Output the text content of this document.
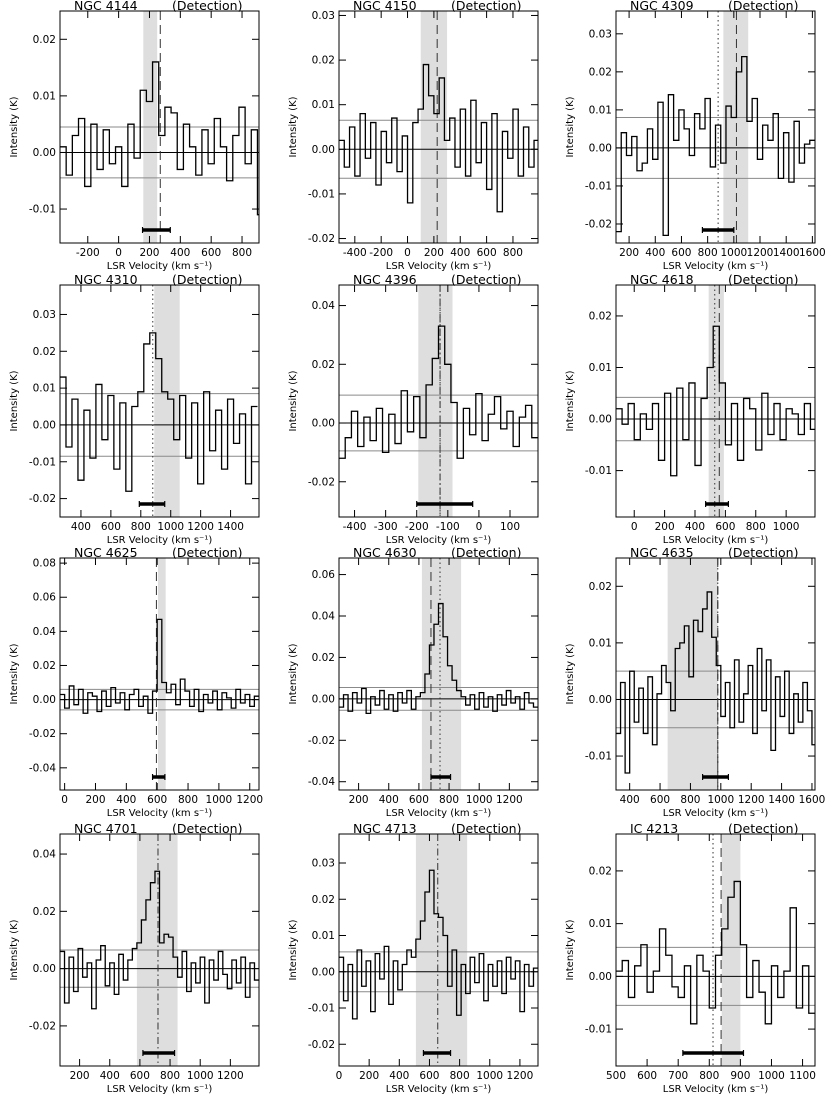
-200 0 200 400 600 800
-0.01
0.00
0.01
0.02
NGC 4144	(Detection)
LSR Velocity (km s⁻¹)
Intensity (K)
-400 -200 0 200 400 600 800
-0.02
-0.01
0.00
0.01
0.02
0.03
NGC 4150	(Detection)
LSR Velocity (km s⁻¹)
Intensity (K)
200 400 600 800 1000 1200 1400 1600
-0.02
-0.01
0.00
0.01
0.02
0.03
NGC 4309	(Detection)
LSR Velocity (km s⁻¹)
Intensity (K)
400 600 800 1000 1200 1400
-0.02
-0.01
0.00
0.01
0.02
0.03
NGC 4310	(Detection)
LSR Velocity (km s⁻¹)
Intensity (K)
-400 -300 -200 -100 0 100
-0.02
0.00
0.02
0.04
NGC 4396	(Detection)
LSR Velocity (km s⁻¹)
Intensity (K)
0 200 400 600 800 1000
-0.01
0.00
0.01
0.02
NGC 4618	(Detection)
LSR Velocity (km s⁻¹)
Intensity (K)
0 200 400 600 800 1000 1200
-0.04
-0.02
0.00
0.02
0.04
0.06
0.08
NGC 4625	(Detection)
LSR Velocity (km s⁻¹)
Intensity (K)
200 400 600 800 1000 1200
-0.04
-0.02
0.00
0.02
0.04
0.06
NGC 4630	(Detection)
LSR Velocity (km s⁻¹)
Intensity (K)
400 600 800 1000 1200 1400 1600
-0.01
0.00
0.01
0.02
NGC 4635	(Detection)
LSR Velocity (km s⁻¹)
Intensity (K)
200 400 600 800 1000 1200
-0.02
0.00
0.02
0.04
NGC 4701	(Detection)
LSR Velocity (km s⁻¹)
Intensity (K)
0 200 400 600 800 1000 1200
-0.02
-0.01
0.00
0.01
0.02
0.03
NGC 4713	(Detection)
LSR Velocity (km s⁻¹)
Intensity (K)
500 600 700 800 900 1000 1100
-0.01
0.00
0.01
0.02
IC 4213	(Detection)
LSR Velocity (km s⁻¹)
Intensity (K)
